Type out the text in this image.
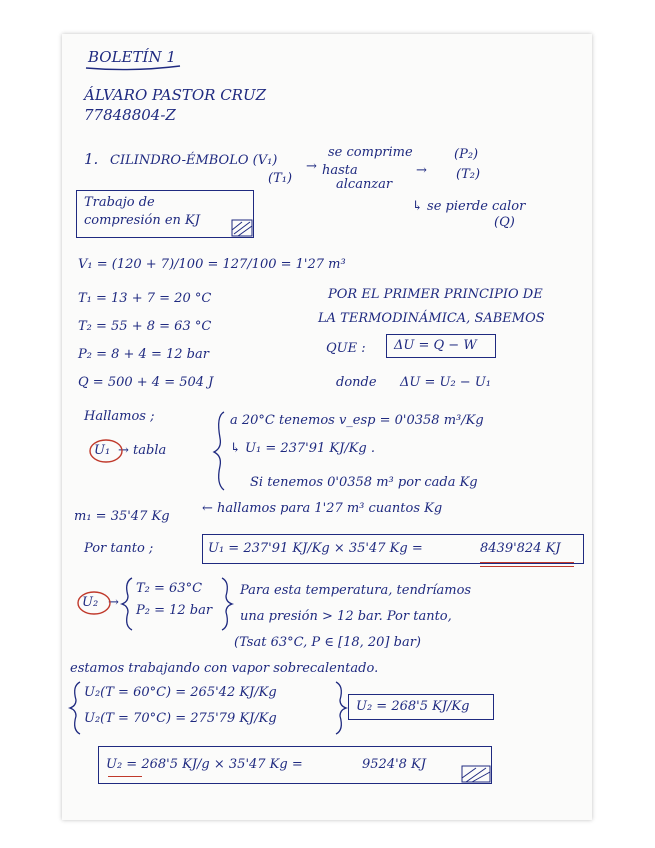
BOLETÍN 1
ÁLVARO PASTOR CRUZ
77848804-Z
1. CILINDRO-ÉMBOLO (V₁)
(T₁)
→
se comprime
hasta
alcanzar
→
(P₂)
(T₂)
↳ se pierde calor
(Q)
Trabajo de
compresión en KJ
V₁ = (120 + 7)/100 = 127/100 = 1'27 m³
T₁ = 13 + 7 = 20 °C
T₂ = 55 + 8 = 63 °C
P₂ = 8 + 4 = 12 bar
Q = 500 + 4 = 504 J
POR EL PRIMER PRINCIPIO DE
LA TERMODINÁMICA, SABEMOS
QUE : ΔU = Q − W
donde ΔU = U₂ − U₁
Hallamos ;
U₁ → tabla
a 20°C tenemos v_esp = 0'0358 m³/Kg
↳ U₁ = 237'91 KJ/Kg .
Si tenemos 0'0358 m³ por cada Kg
m₁ = 35'47 Kg
← hallamos para 1'27 m³ cuantos Kg
Por tanto ;	U₁ = 237'91 KJ/Kg × 35'47 Kg =	8439'824 KJ
U₂ →
T₂ = 63°C
P₂ = 12 bar
Para esta temperatura, tendríamos
una presión > 12 bar. Por tanto,
(Tsat 63°C, P ∈ [18, 20] bar)
estamos trabajando con vapor sobrecalentado.
U₂(T = 60°C) = 265'42 KJ/Kg
U₂(T = 70°C) = 275'79 KJ/Kg
U₂ = 268'5 KJ/Kg
U₂ = 268'5 KJ/g × 35'47 Kg =	9524'8 KJ
